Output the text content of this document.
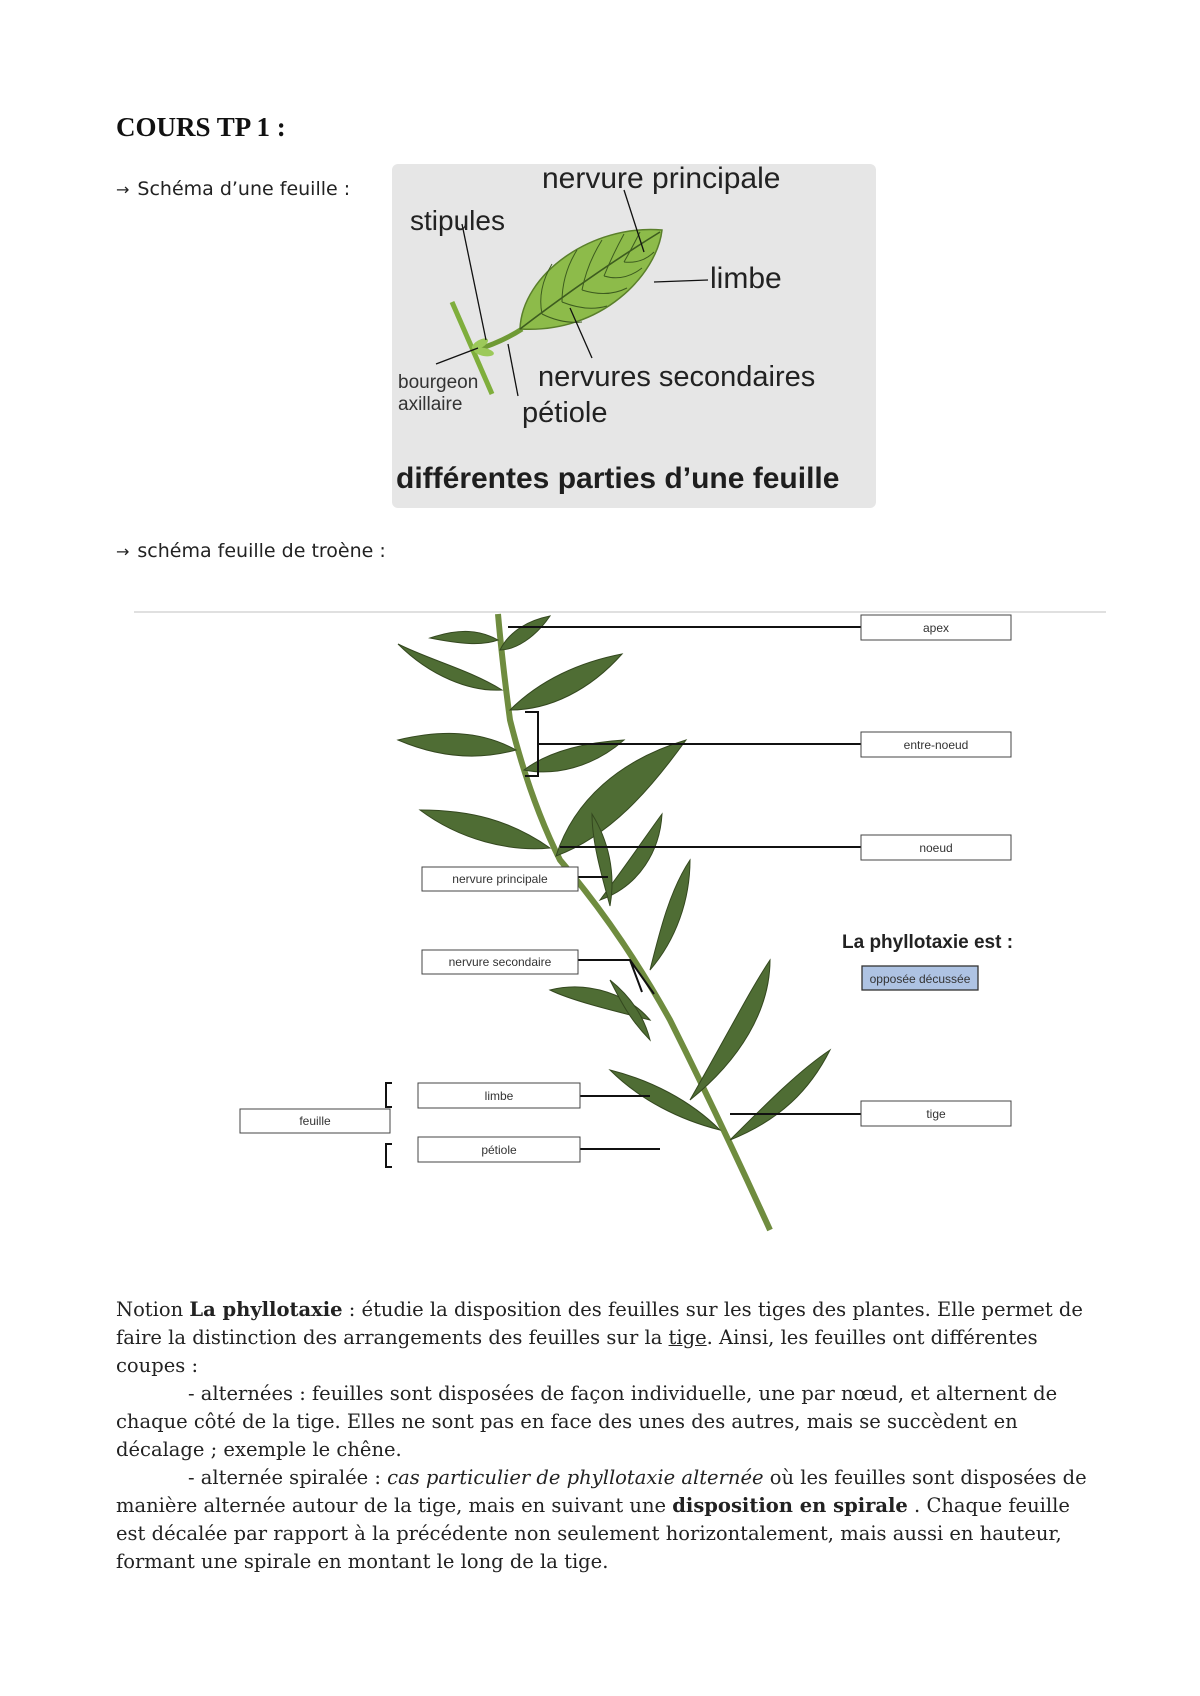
COURS TP 1 :
→ Schéma d’une feuille :	nervure principale
stipules
limbe
bourgeon
axillaire
nervures secondaires
pétiole
différentes parties d’une feuille
→ schéma feuille de troène :
apex
entre-noeud
noeud
nervure principale
nervure secondaire
limbe
pétiole
feuille	tige
opposée décussée
La phyllotaxie est :

Notion La phyllotaxie : étudie la disposition des feuilles sur les tiges des plantes. Elle permet de faire la distinction des arrangements des feuilles sur la tige. Ainsi, les feuilles ont différentes coupes :

- alternées : feuilles sont disposées de façon individuelle, une par nœud, et alternent de chaque côté de la tige. Elles ne sont pas en face des unes des autres, mais se succèdent en décalage ; exemple le chêne.

- alternée spiralée : cas particulier de phyllotaxie alternée où les feuilles sont disposées de manière alternée autour de la tige, mais en suivant une disposition en spirale . Chaque feuille est décalée par rapport à la précédente non seulement horizontalement, mais aussi en hauteur, formant une spirale en montant le long de la tige.
